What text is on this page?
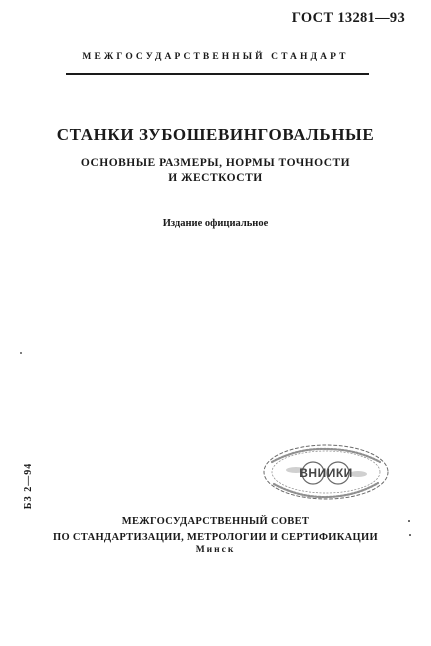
ГОСТ 13281—93
МЕЖГОСУДАРСТВЕННЫЙ СТАНДАРТ
СТАНКИ ЗУБОШЕВИНГОВАЛЬНЫЕ
ОСНОВНЫЕ РАЗМЕРЫ, НОРМЫ ТОЧНОСТИ
И ЖЕСТКОСТИ
Издание официальное
БЗ 2—94	ВНИИКИ
МЕЖГОСУДАРСТВЕННЫЙ СОВЕТ
ПО СТАНДАРТИЗАЦИИ, МЕТРОЛОГИИ И СЕРТИФИКАЦИИ
Минск
